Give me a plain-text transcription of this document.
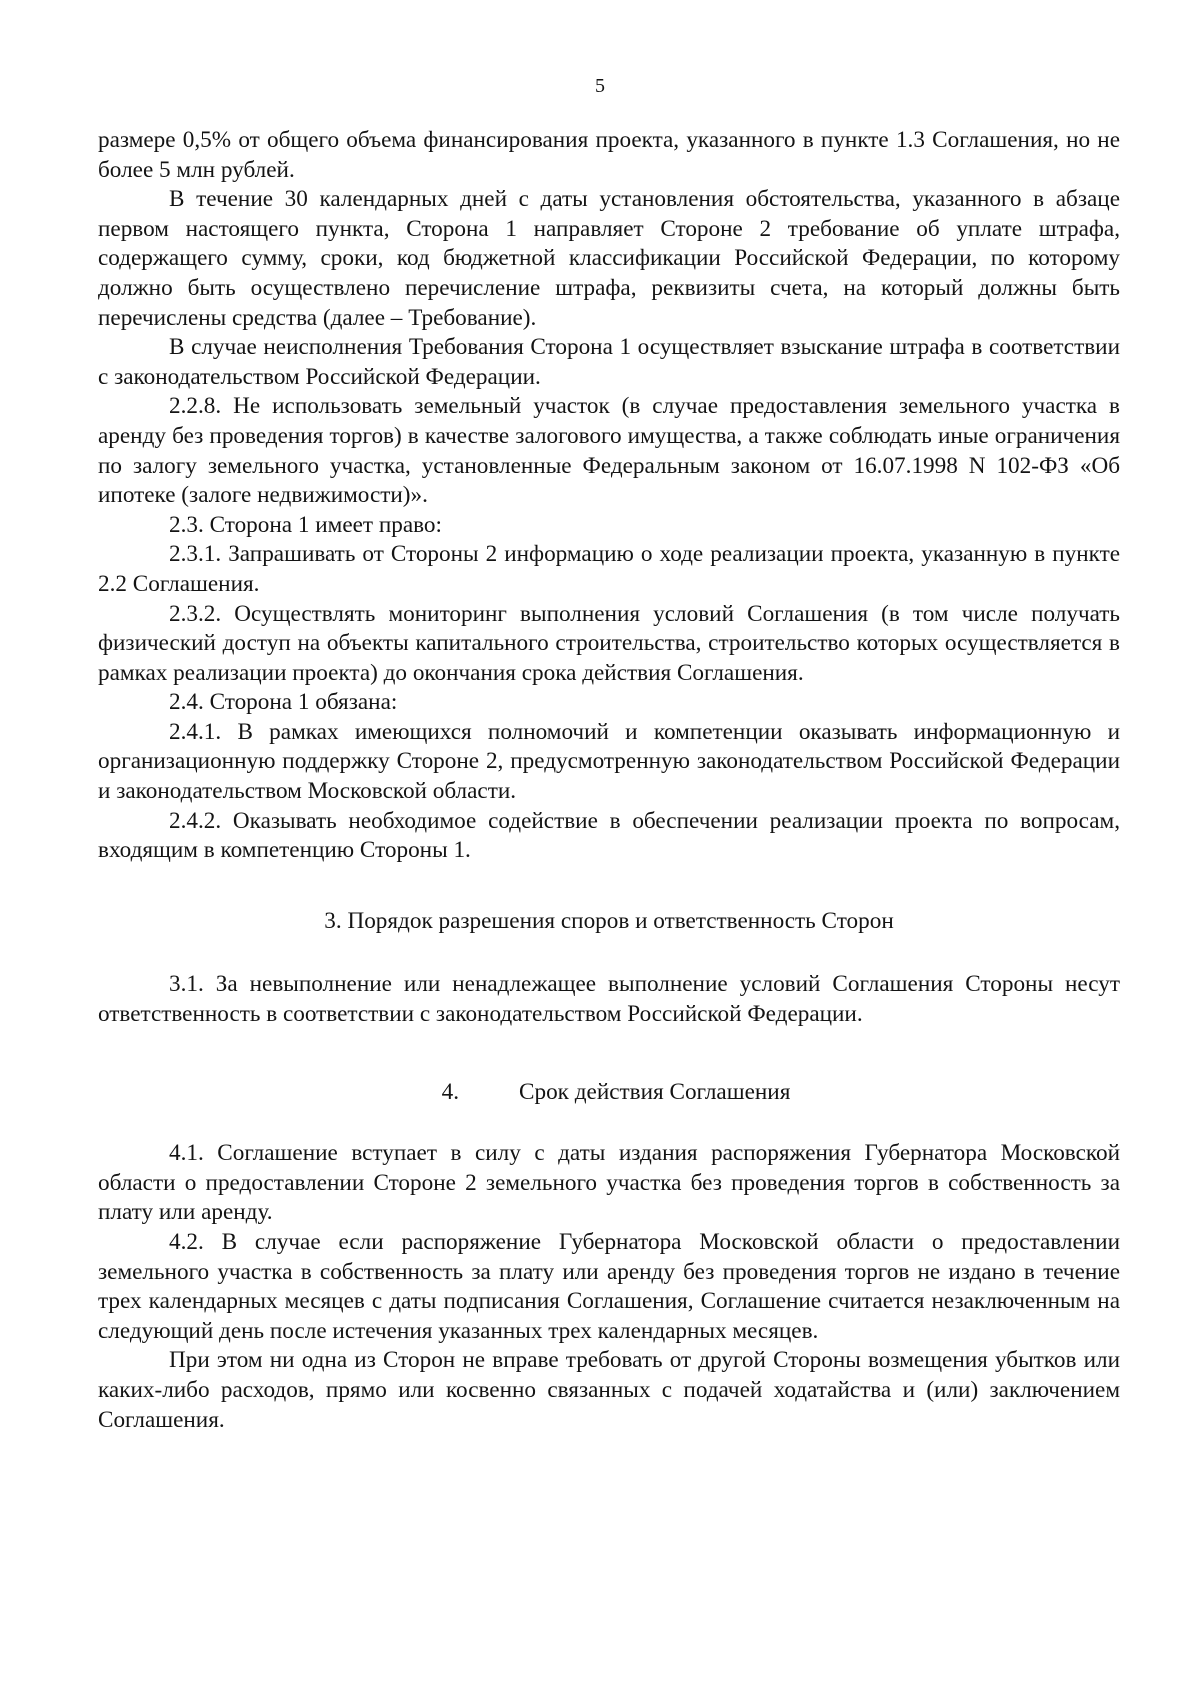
5

размере 0,5% от общего объема финансирования проекта, указанного в пункте 1.3 Соглашения, но не более 5 млн рублей.

В течение 30 календарных дней с даты установления обстоятельства, указанного в абзаце первом настоящего пункта, Сторона 1 направляет Стороне 2 требование об уплате штрафа, содержащего сумму, сроки, код бюджетной классификации Российской Федерации, по которому должно быть осуществлено перечисление штрафа, реквизиты счета, на который должны быть перечислены средства (далее – Требование).

В случае неисполнения Требования Сторона 1 осуществляет взыскание штрафа в соответствии с законодательством Российской Федерации.

2.2.8. Не использовать земельный участок (в случае предоставления земельного участка в аренду без проведения торгов) в качестве залогового имущества, а также соблюдать иные ограничения по залогу земельного участка, установленные Федеральным законом от 16.07.1998 N 102-ФЗ «Об ипотеке (залоге недвижимости)».

2.3. Сторона 1 имеет право:

2.3.1. Запрашивать от Стороны 2 информацию о ходе реализации проекта, указанную в пункте 2.2 Соглашения.

2.3.2. Осуществлять мониторинг выполнения условий Соглашения (в том числе получать физический доступ на объекты капитального строительства, строительство которых осуществляется в рамках реализации проекта) до окончания срока действия Соглашения.

2.4. Сторона 1 обязана:

2.4.1. В рамках имеющихся полномочий и компетенции оказывать информационную и организационную поддержку Стороне 2, предусмотренную законодательством Российской Федерации и законодательством Московской области.

2.4.2. Оказывать необходимое содействие в обеспечении реализации проекта по вопросам, входящим в компетенцию Стороны 1.

3. Порядок разрешения споров и ответственность Сторон

3.1. За невыполнение или ненадлежащее выполнение условий Соглашения Стороны несут ответственность в соответствии с законодательством Российской Федерации.

4.	Срок действия Соглашения

4.1. Соглашение вступает в силу с даты издания распоряжения Губернатора Московской области о предоставлении Стороне 2 земельного участка без проведения торгов в собственность за плату или аренду.

4.2. В случае если распоряжение Губернатора Московской области о предоставлении земельного участка в собственность за плату или аренду без проведения торгов не издано в течение трех календарных месяцев с даты подписания Соглашения, Соглашение считается незаключенным на следующий день после истечения указанных трех календарных месяцев.

При этом ни одна из Сторон не вправе требовать от другой Стороны возмещения убытков или каких-либо расходов, прямо или косвенно связанных с подачей ходатайства и (или) заключением Соглашения.
